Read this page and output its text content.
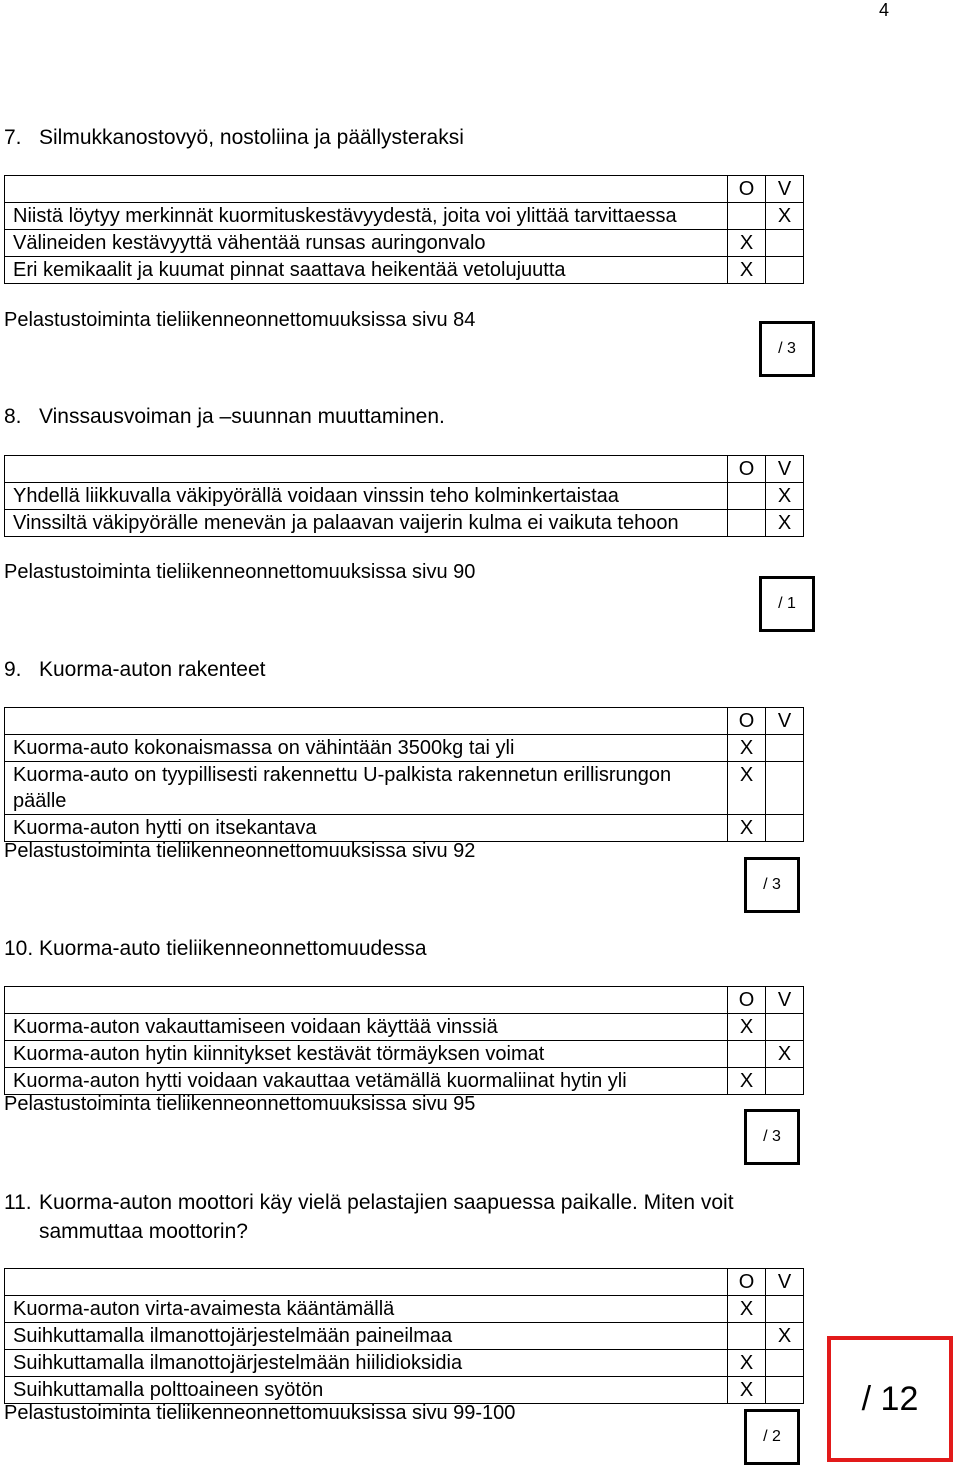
4
7. Silmukkanostovyö, nostoliina ja päällysteraksi
	O	V
Niistä löytyy merkinnät kuormituskestävyydestä, joita voi ylittää tarvittaessa		X
Välineiden kestävyyttä vähentää runsas auringonvalo	X	
Eri kemikaalit ja kuumat pinnat saattava heikentää vetolujuutta	X	
Pelastustoiminta tieliikenneonnettomuuksissa sivu 84
/ 3
8. Vinssausvoiman ja –suunnan muuttaminen.
	O	V
Yhdellä liikkuvalla väkipyörällä voidaan vinssin teho kolminkertaistaa		X
Vinssiltä väkipyörälle menevän ja palaavan vaijerin kulma ei vaikuta tehoon		X
Pelastustoiminta tieliikenneonnettomuuksissa sivu 90
/ 1
9. Kuorma-auton rakenteet
	O	V
Kuorma-auto kokonaismassa on vähintään 3500kg tai yli	X	
Kuorma-auto on tyypillisesti rakennettu U-palkista rakennetun erillisrungon päälle	X	
Kuorma-auton hytti on itsekantava	X	
Pelastustoiminta tieliikenneonnettomuuksissa sivu 92
/ 3
10. Kuorma-auto tieliikenneonnettomuudessa
	O	V
Kuorma-auton vakauttamiseen voidaan käyttää vinssiä	X	
Kuorma-auton hytin kiinnitykset kestävät törmäyksen voimat		X
Kuorma-auton hytti voidaan vakauttaa vetämällä kuormaliinat hytin yli	X	
Pelastustoiminta tieliikenneonnettomuuksissa sivu 95
/ 3
11. Kuorma-auton moottori käy vielä pelastajien saapuessa paikalle. Miten voit
sammuttaa moottorin?
	O	V
Kuorma-auton virta-avaimesta kääntämällä	X	
Suihkuttamalla ilmanottojärjestelmään paineilmaa		X
Suihkuttamalla ilmanottojärjestelmään hiilidioksidia	X	
Suihkuttamalla polttoaineen syötön	X	
Pelastustoiminta tieliikenneonnettomuuksissa sivu 99-100
/ 2
/ 12
